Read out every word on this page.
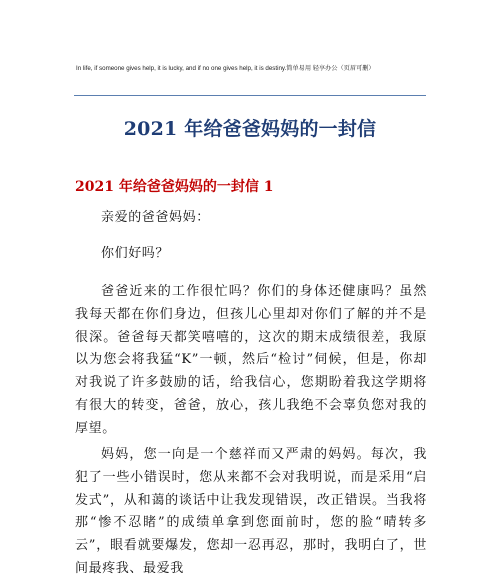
In life, if someone gives help, it is lucky, and if no one gives help, it is destiny.简单易用 轻享办公（页眉可删）
2021 年给爸爸妈妈的一封信
2021 年给爸爸妈妈的一封信 1
亲爱的爸爸妈妈：
你们好吗？
爸爸近来的工作很忙吗？你们的身体还健康吗？虽然我每天都在你们身边，但孩儿心里却对你们了解的并不是很深。爸爸每天都笑嘻嘻的，这次的期末成绩很差，我原以为您会将我猛“K”一顿，然后“检讨”伺候，但是，你却对我说了许多鼓励的话，给我信心，您期盼着我这学期将有很大的转变，爸爸，放心，孩儿我绝不会辜负您对我的厚望。
妈妈，您一向是一个慈祥而又严肃的妈妈。每次，我犯了一些小错误时，您从来都不会对我明说，而是采用“启发式”，从和蔼的谈话中让我发现错误，改正错误。当我将那“惨不忍睹”的成绩单拿到您面前时，您的脸“晴转多云”，眼看就要爆发，您却一忍再忍，那时，我明白了，世间最疼我、最爱我
